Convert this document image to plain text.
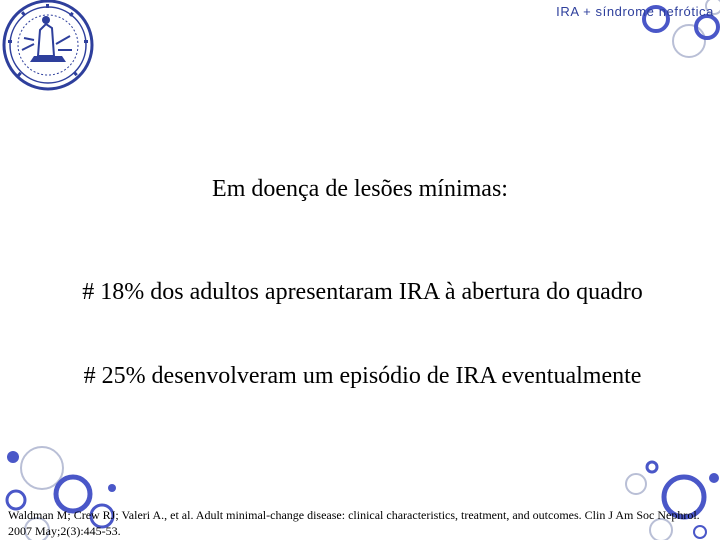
IRA + síndrome nefrótica
Em doença de lesões mínimas:
# 18% dos adultos apresentaram IRA à abertura do quadro
# 25% desenvolveram um episódio de IRA eventualmente
Waldman M; Crew RJ; Valeri A., et al. Adult minimal-change disease: clinical characteristics, treatment, and outcomes. Clin J Am Soc Nephrol. 2007 May;2(3):445-53.
